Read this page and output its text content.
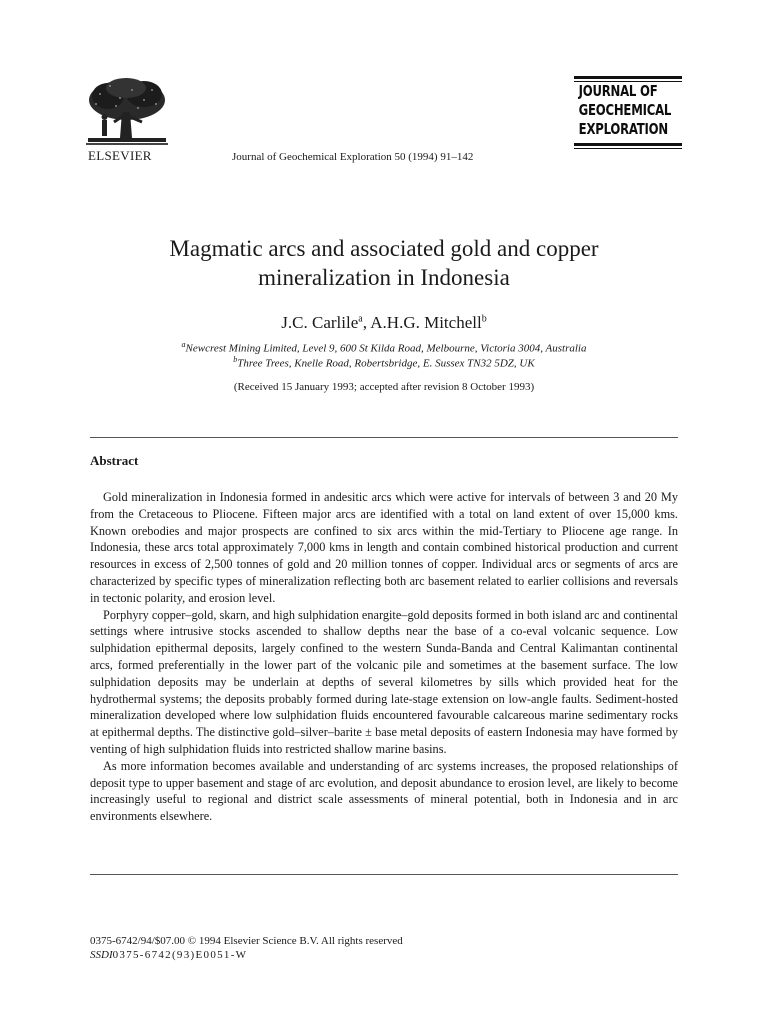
ELSEVIER	Journal of Geochemical Exploration 50 (1994) 91–142
JOURNAL OF
GEOCHEMICAL
EXPLORATION
Magmatic arcs and associated gold and copper
mineralization in Indonesia
J.C. Carlile$^a$, A.H.G. Mitchell$^b$
$^a$Newcrest Mining Limited, Level 9, 600 St Kilda Road, Melbourne, Victoria 3004, Australia
$^b$Three Trees, Knelle Road, Robertsbridge, E. Sussex TN32 5DZ, UK
(Received 15 January 1993; accepted after revision 8 October 1993)
Abstract

Gold mineralization in Indonesia formed in andesitic arcs which were active for intervals of between 3 and 20 My from the Cretaceous to Pliocene. Fifteen major arcs are identified with a total on land extent of over 15,000 kms. Known orebodies and major prospects are confined to six arcs within the mid-Tertiary to Pliocene age range. In Indonesia, these arcs total approximately 7,000 kms in length and contain combined historical production and current resources in excess of 2,500 tonnes of gold and 20 million tonnes of copper. Individual arcs or segments of arcs are characterized by specific types of mineralization reflecting both arc basement related to earlier collisions and reversals in tectonic polarity, and erosion level.

Porphyry copper–gold, skarn, and high sulphidation enargite–gold deposits formed in both island arc and continental settings where intrusive stocks ascended to shallow depths near the base of a co-eval volcanic sequence. Low sulphidation epithermal deposits, largely confined to the western Sunda-Banda and Central Kalimantan continental arcs, formed preferentially in the lower part of the volcanic pile and sometimes at the basement surface. The low sulphidation deposits may be underlain at depths of several kilometres by sills which provided heat for the hydrothermal systems; the deposits probably formed during late-stage extension on low-angle faults. Sediment-hosted mineralization developed where low sulphidation fluids encountered favourable calcareous marine sedimentary rocks at epithermal depths. The distinctive gold–silver–barite ± base metal deposits of eastern Indonesia may have formed by venting of high sulphidation fluids into restricted shallow marine basins.

As more information becomes available and understanding of arc systems increases, the proposed relationships of deposit type to upper basement and stage of arc evolution, and deposit abundance to erosion level, are likely to become increasingly useful to regional and district scale assessments of mineral potential, both in Indonesia and in arc environments elsewhere.

0375-6742/94/$07.00 © 1994 Elsevier Science B.V. All rights reserved
SSDI0375-6742(93)E0051-W
